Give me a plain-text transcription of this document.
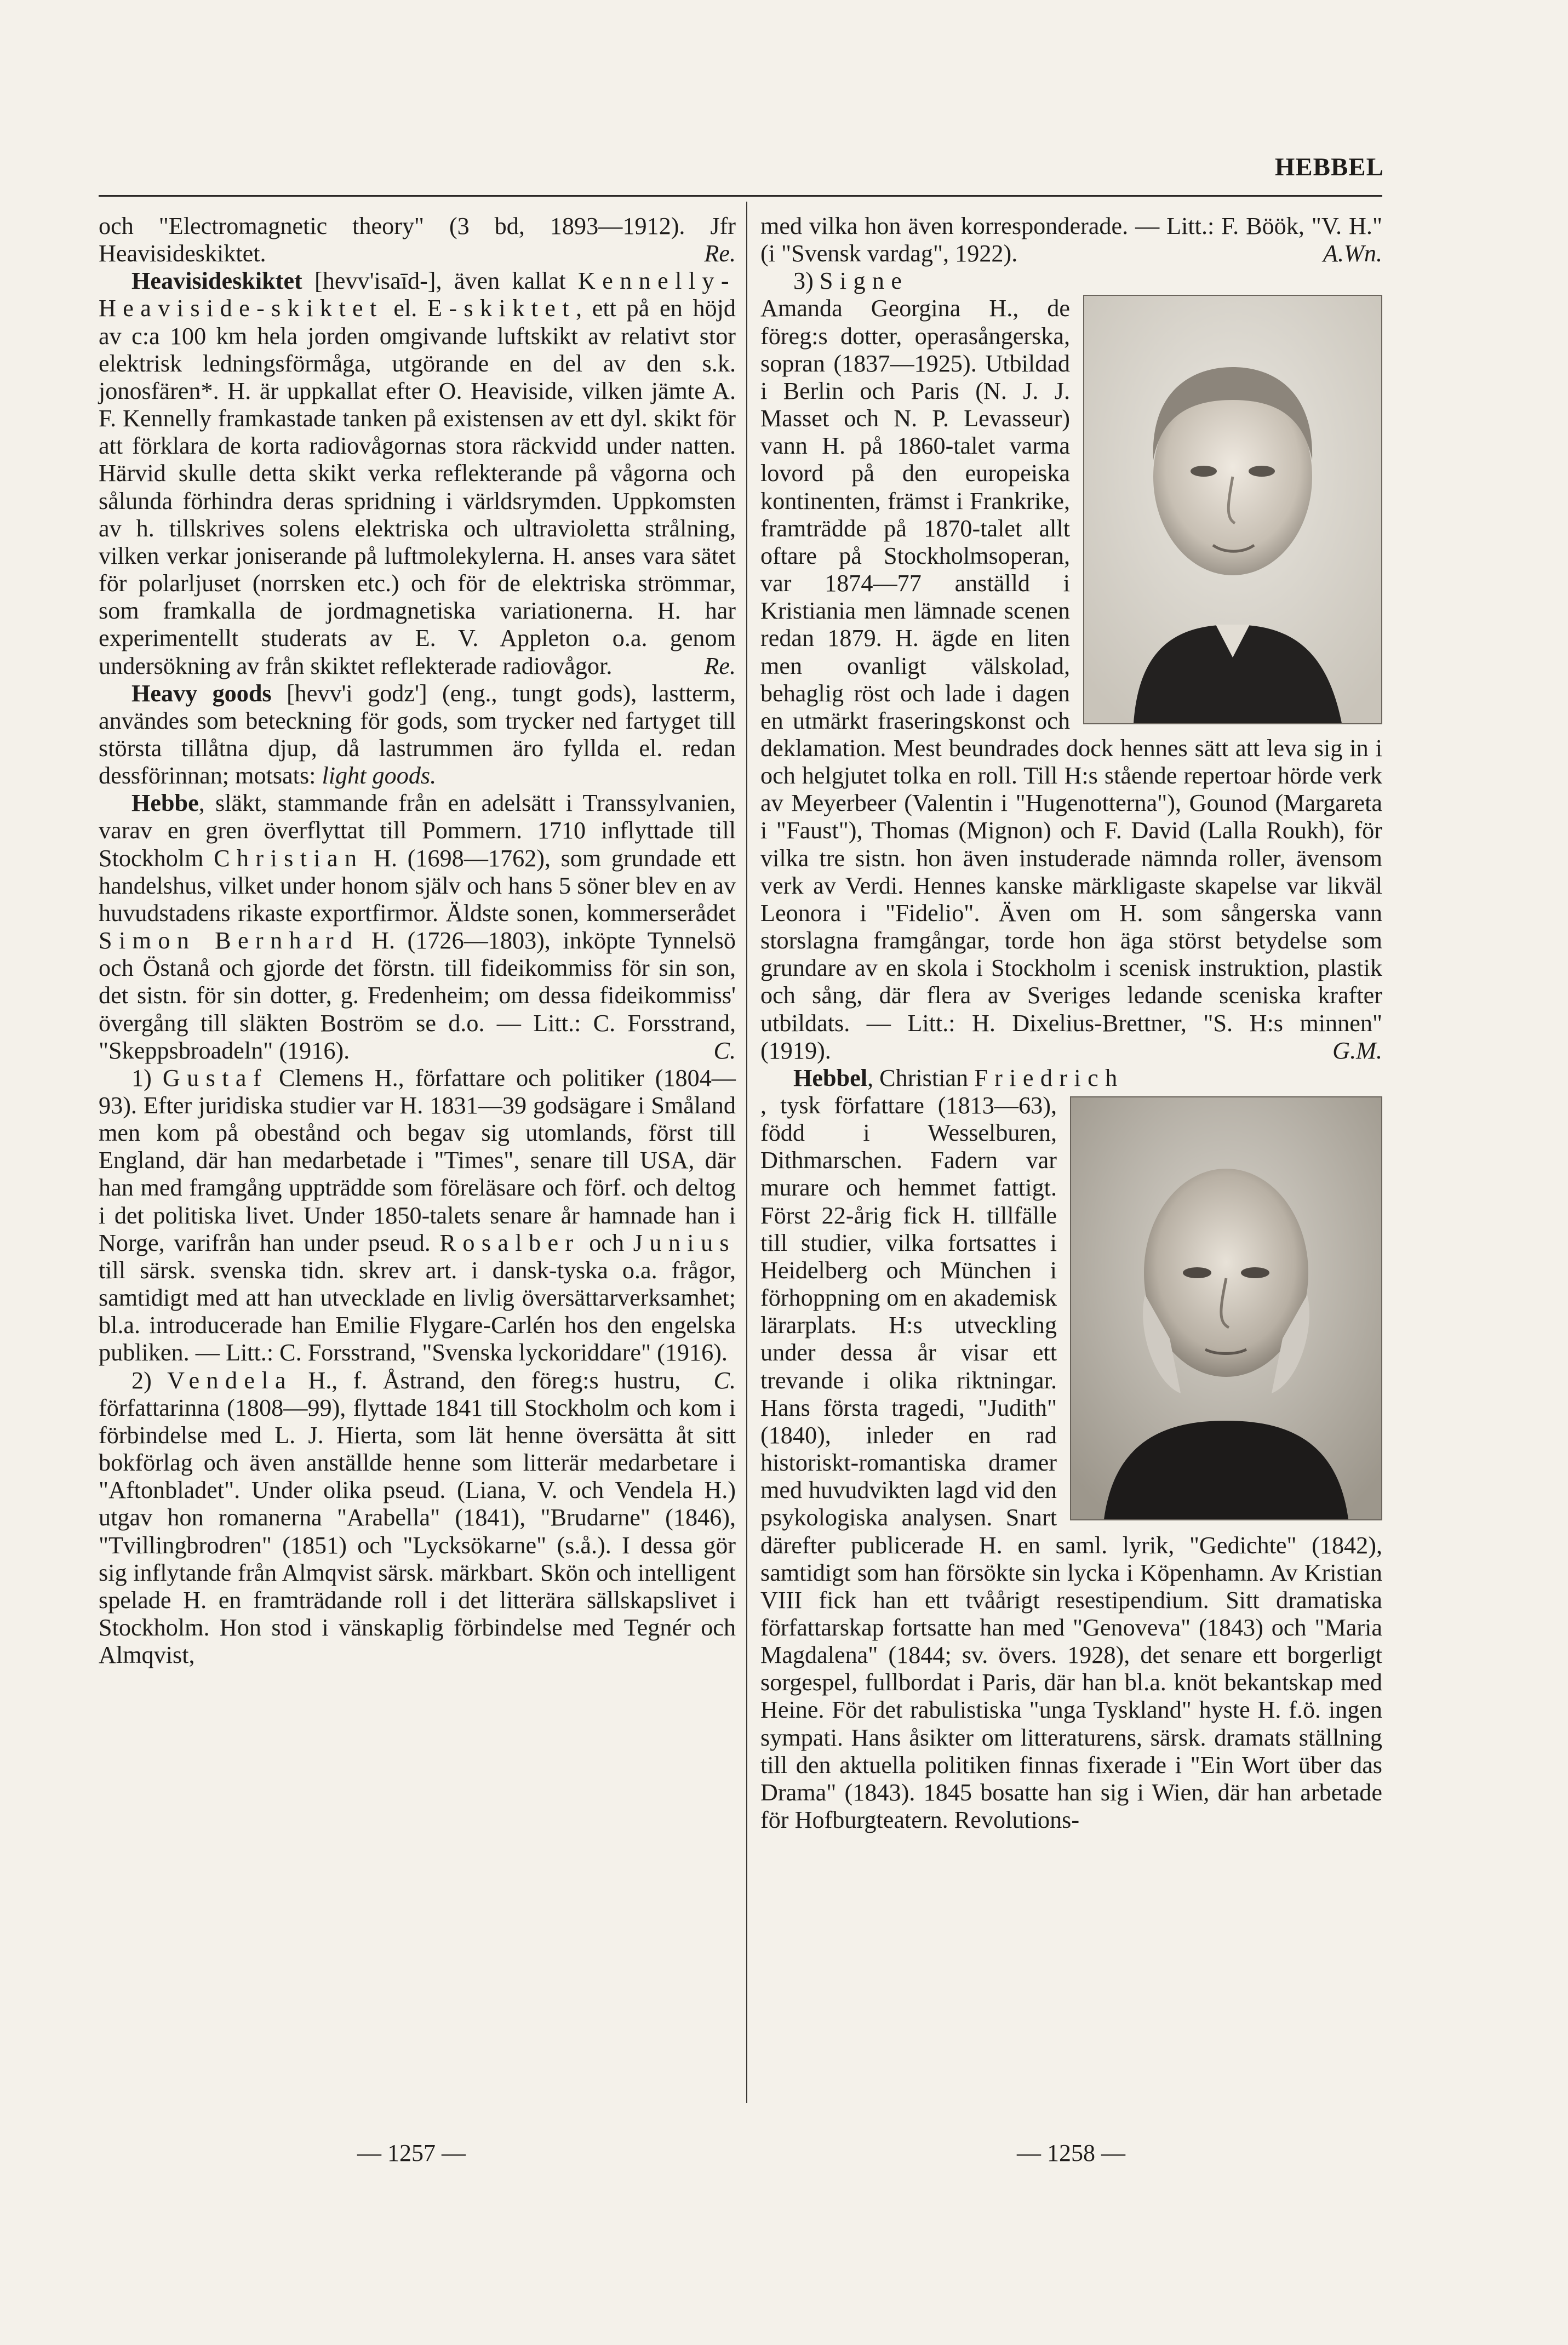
HEBBEL

och "Electromagnetic theory" (3 bd, 1893—1912). Jfr Heavisideskiktet.	Re.

Heavisideskiktet [hevv'isaīd-], även kallat Kennelly-Heaviside-skiktet el. E-skiktet, ett på en höjd av c:a 100 km hela jorden omgivande luftskikt av relativt stor elektrisk ledningsförmåga, utgörande en del av den s.k. jonosfären*. H. är uppkallat efter O. Heaviside, vilken jämte A. F. Kennelly framkastade tanken på existensen av ett dyl. skikt för att förklara de korta radiovågornas stora räckvidd under natten. Härvid skulle detta skikt verka reflekterande på vågorna och sålunda förhindra deras spridning i världsrymden. Uppkomsten av h. tillskrives solens elektriska och ultravioletta strålning, vilken verkar joniserande på luftmolekylerna. H. anses vara sätet för polarljuset (norrsken etc.) och för de elektriska strömmar, som framkalla de jordmagnetiska variationerna. H. har experimentellt studerats av E. V. Appleton o.a. genom undersökning av från skiktet reflekterade radiovågor.	Re.

Heavy goods [hevv'i godz'] (eng., tungt gods), lastterm, användes som beteckning för gods, som trycker ned fartyget till största tillåtna djup, då lastrummen äro fyllda el. redan dessförinnan; motsats: light goods.

Hebbe, släkt, stammande från en adelsätt i Transsylvanien, varav en gren överflyttat till Pommern. 1710 inflyttade till Stockholm Christian H. (1698—1762), som grundade ett handelshus, vilket under honom själv och hans 5 söner blev en av huvudstadens rikaste exportfirmor. Äldste sonen, kommerserådet Simon Bernhard H. (1726—1803), inköpte Tynnelsö och Östanå och gjorde det förstn. till fideikommiss för sin son, det sistn. för sin dotter, g. Fredenheim; om dessa fideikommiss' övergång till släkten Boström se d.o. — Litt.: C. Forsstrand, "Skeppsbroadeln" (1916).	C.

1) Gustaf Clemens H., författare och politiker (1804—93). Efter juridiska studier var H. 1831—39 godsägare i Småland men kom på obestånd och begav sig utomlands, först till England, där han medarbetade i "Times", senare till USA, där han med framgång uppträdde som föreläsare och förf. och deltog i det politiska livet. Under 1850-talets senare år hamnade han i Norge, varifrån han under pseud. Rosalber och Junius till särsk. svenska tidn. skrev art. i dansk-tyska o.a. frågor, samtidigt med att han utvecklade en livlig översättarverksamhet; bl.a. introducerade han Emilie Flygare-Carlén hos den engelska publiken. — Litt.: C. Forsstrand, "Svenska lyckoriddare" (1916).
C.

2) Vendela H., f. Åstrand, den föreg:s hustru, författarinna (1808—99), flyttade 1841 till Stockholm och kom i förbindelse med L. J. Hierta, som lät henne översätta åt sitt bokförlag och även anställde henne som litterär medarbetare i "Aftonbladet". Under olika pseud. (Liana, V. och Vendela H.) utgav hon romanerna "Arabella" (1841), "Brudarne" (1846), "Tvillingbrodren" (1851) och "Lycksökarne" (s.å.). I dessa gör sig inflytande från Almqvist särsk. märkbart. Skön och intelligent spelade H. en framträdande roll i det litterära sällskapslivet i Stockholm. Hon stod i vänskaplig förbindelse med Tegnér och Almqvist,

med vilka hon även korresponderade. — Litt.: F. Böök, "V. H." (i "Svensk vardag", 1922).	A.Wn.

3) Signe

Amanda Georgina H., de föreg:s dotter, operasångerska, sopran (1837—1925). Utbildad i Berlin och Paris (N. J. J. Masset och N. P. Levasseur) vann H. på 1860-talet varma lovord på den europeiska kontinenten, främst i Frankrike, framträdde på 1870-talet allt oftare på Stockholmsoperan, var 1874—77 anställd i Kristiania men lämnade scenen redan 1879. H. ägde en liten men ovanligt välskolad, behaglig röst och lade i dagen en utmärkt fraseringskonst och deklamation. Mest beundrades dock hennes sätt att leva sig in i och helgjutet tolka en roll. Till H:s stående repertoar hörde verk av Meyerbeer (Valentin i "Hugenotterna"), Gounod (Margareta i "Faust"), Thomas (Mignon) och F. David (Lalla Roukh), för vilka tre sistn. hon även instuderade nämnda roller, ävensom verk av Verdi. Hennes kanske märkligaste skapelse var likväl Leonora i "Fidelio". Även om H. som sångerska vann storslagna framgångar, torde hon äga störst betydelse som grundare av en skola i Stockholm i scenisk instruktion, plastik och sång, där flera av Sveriges ledande sceniska krafter utbildats. — Litt.: H. Dixelius-Brettner, "S. H:s minnen" (1919).	G.M.

Hebbel, Christian Friedrich

, tysk författare (1813—63), född i Wesselburen, Dithmarschen. Fadern var murare och hemmet fattigt. Först 22-årig fick H. tillfälle till studier, vilka fortsattes i Heidelberg och München i förhoppning om en akademisk lärarplats. H:s utveckling under dessa år visar ett trevande i olika riktningar. Hans första tragedi, "Judith" (1840), inleder en rad historiskt-romantiska dramer med huvudvikten lagd vid den psykologiska analysen. Snart därefter publicerade H. en saml. lyrik, "Gedichte" (1842), samtidigt som han försökte sin lycka i Köpenhamn. Av Kristian VIII fick han ett tvåårigt resestipendium. Sitt dramatiska författarskap fortsatte han med "Genoveva" (1843) och "Maria Magdalena" (1844; sv. övers. 1928), det senare ett borgerligt sorgespel, fullbordat i Paris, där han bl.a. knöt bekantskap med Heine. För det rabulistiska "unga Tyskland" hyste H. f.ö. ingen sympati. Hans åsikter om litteraturens, särsk. dramats ställning till den aktuella politiken finnas fixerade i "Ein Wort über das Drama" (1843). 1845 bosatte han sig i Wien, där han arbetade för Hofburgteatern. Revolutions-

— 1257 —	— 1258 —
